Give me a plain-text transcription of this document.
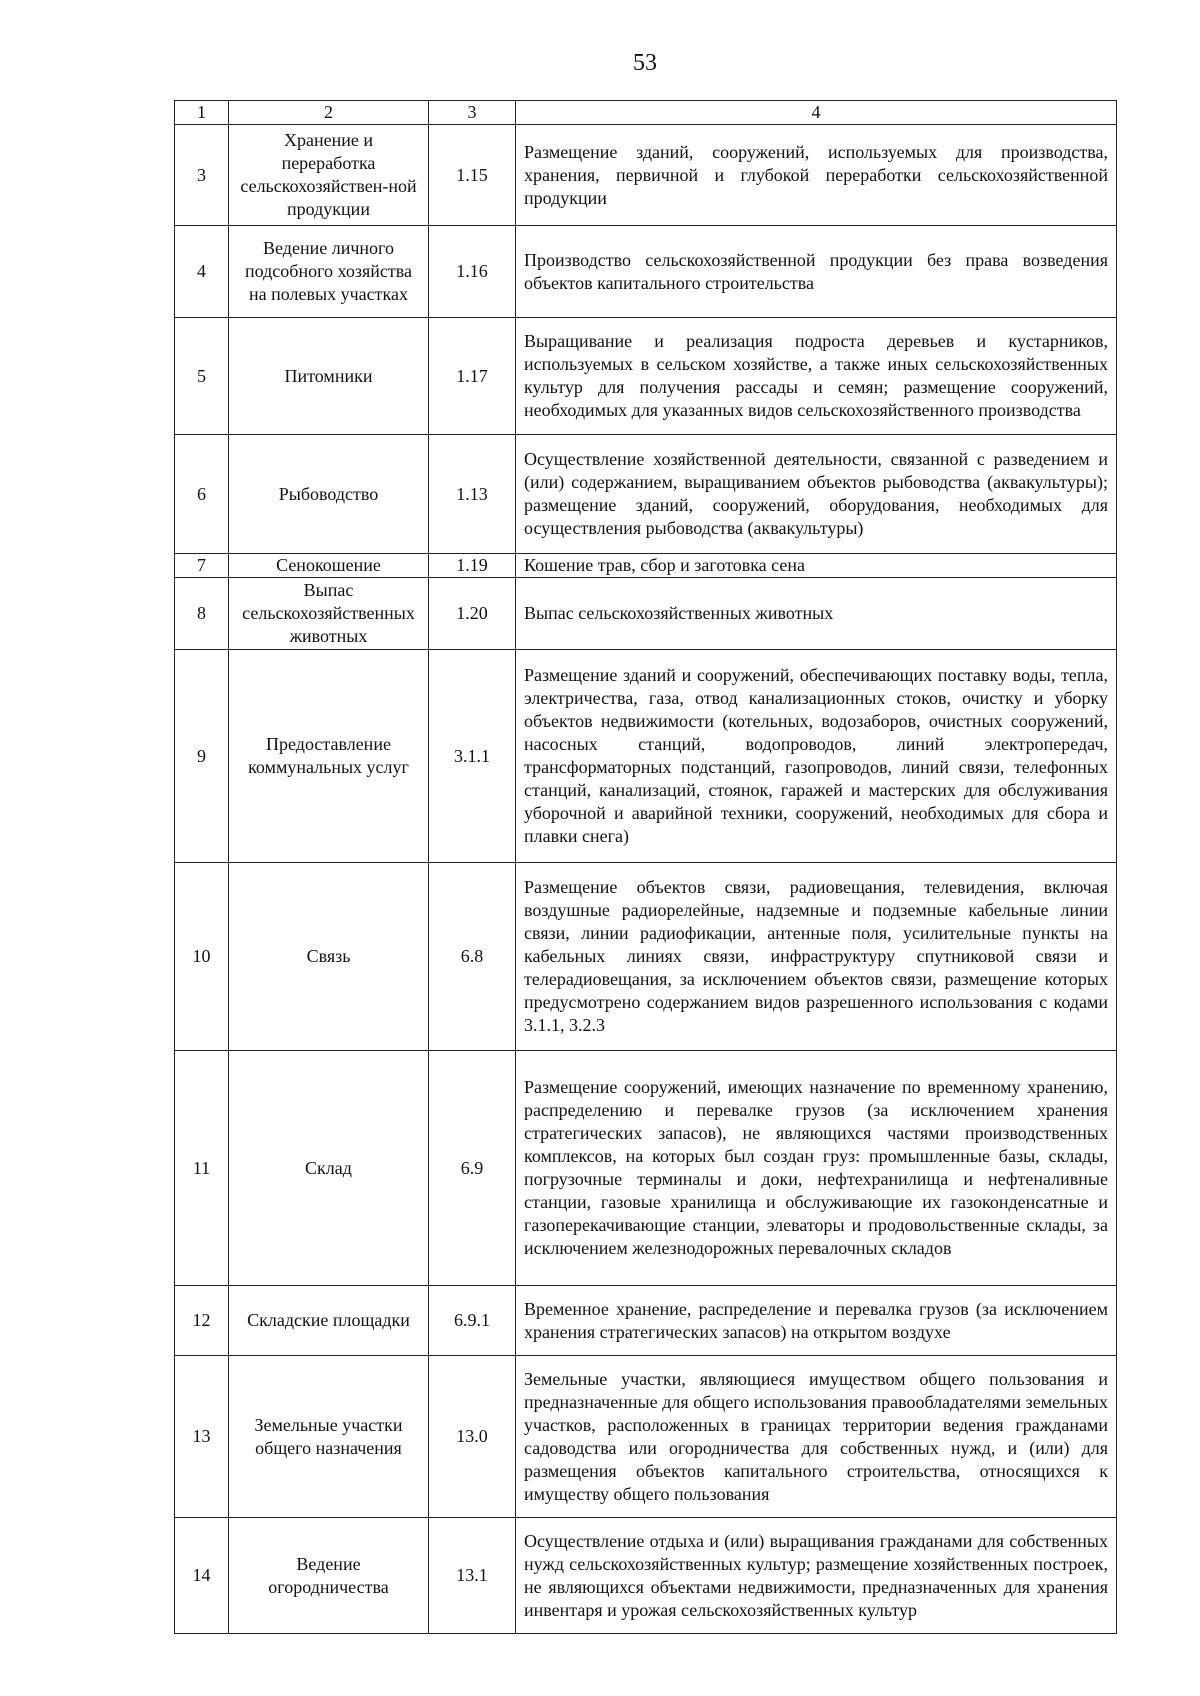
53
1	2	3	4
3	Хранение и переработка сельскохозяйствен-ной продукции	1.15	Размещение зданий, сооружений, используемых для производства, хранения, первичной и глубокой переработки сельскохозяйственной продукции
4	Ведение личного подсобного хозяйства на полевых участках	1.16	Производство сельскохозяйственной продукции без права возведения объектов капитального строительства
5	Питомники	1.17	Выращивание и реализация подроста деревьев и кустарников, используемых в сельском хозяйстве, а также иных сельскохозяйственных культур для получения рассады и семян; размещение сооружений, необходимых для указанных видов сельскохозяйственного производства
6	Рыбоводство	1.13	Осуществление хозяйственной деятельности, связанной с разведением и (или) содержанием, выращиванием объектов рыбоводства (аквакультуры); размещение зданий, сооружений, оборудования, необходимых для осуществления рыбоводства (аквакультуры)
7	Сенокошение	1.19	Кошение трав, сбор и заготовка сена
8	Выпас сельскохозяйственных животных	1.20	Выпас сельскохозяйственных животных
9	Предоставление коммунальных услуг	3.1.1	Размещение зданий и сооружений, обеспечивающих поставку воды, тепла, электричества, газа, отвод канализационных стоков, очистку и уборку объектов недвижимости (котельных, водозаборов, очистных сооружений, насосных станций, водопроводов, линий электропередач, трансформаторных подстанций, газопроводов, линий связи, телефонных станций, канализаций, стоянок, гаражей и мастерских для обслуживания уборочной и аварийной техники, сооружений, необходимых для сбора и плавки снега)
10	Связь	6.8	Размещение объектов связи, радиовещания, телевидения, включая воздушные радиорелейные, надземные и подземные кабельные линии связи, линии радиофикации, антенные поля, усилительные пункты на кабельных линиях связи, инфраструктуру спутниковой связи и телерадиовещания, за исключением объектов связи, размещение которых предусмотрено содержанием видов разрешенного использования с кодами 3.1.1, 3.2.3
11	Склад	6.9	Размещение сооружений, имеющих назначение по временному хранению, распределению и перевалке грузов (за исключением хранения стратегических запасов), не являющихся частями производственных комплексов, на которых был создан груз: промышленные базы, склады, погрузочные терминалы и доки, нефтехранилища и нефтеналивные станции, газовые хранилища и обслуживающие их газоконденсатные и газоперекачивающие станции, элеваторы и продовольственные склады, за исключением железнодорожных перевалочных складов
12	Складские площадки	6.9.1	Временное хранение, распределение и перевалка грузов (за исключением хранения стратегических запасов) на открытом воздухе
13	Земельные участки общего назначения	13.0	Земельные участки, являющиеся имуществом общего пользования и предназначенные для общего использования правообладателями земельных участков, расположенных в границах территории ведения гражданами садоводства или огородничества для собственных нужд, и (или) для размещения объектов капитального строительства, относящихся к имуществу общего пользования
14	Ведение огородничества	13.1	Осуществление отдыха и (или) выращивания гражданами для собственных нужд сельскохозяйственных культур; размещение хозяйственных построек, не являющихся объектами недвижимости, предназначенных для хранения инвентаря и урожая сельскохозяйственных культур
